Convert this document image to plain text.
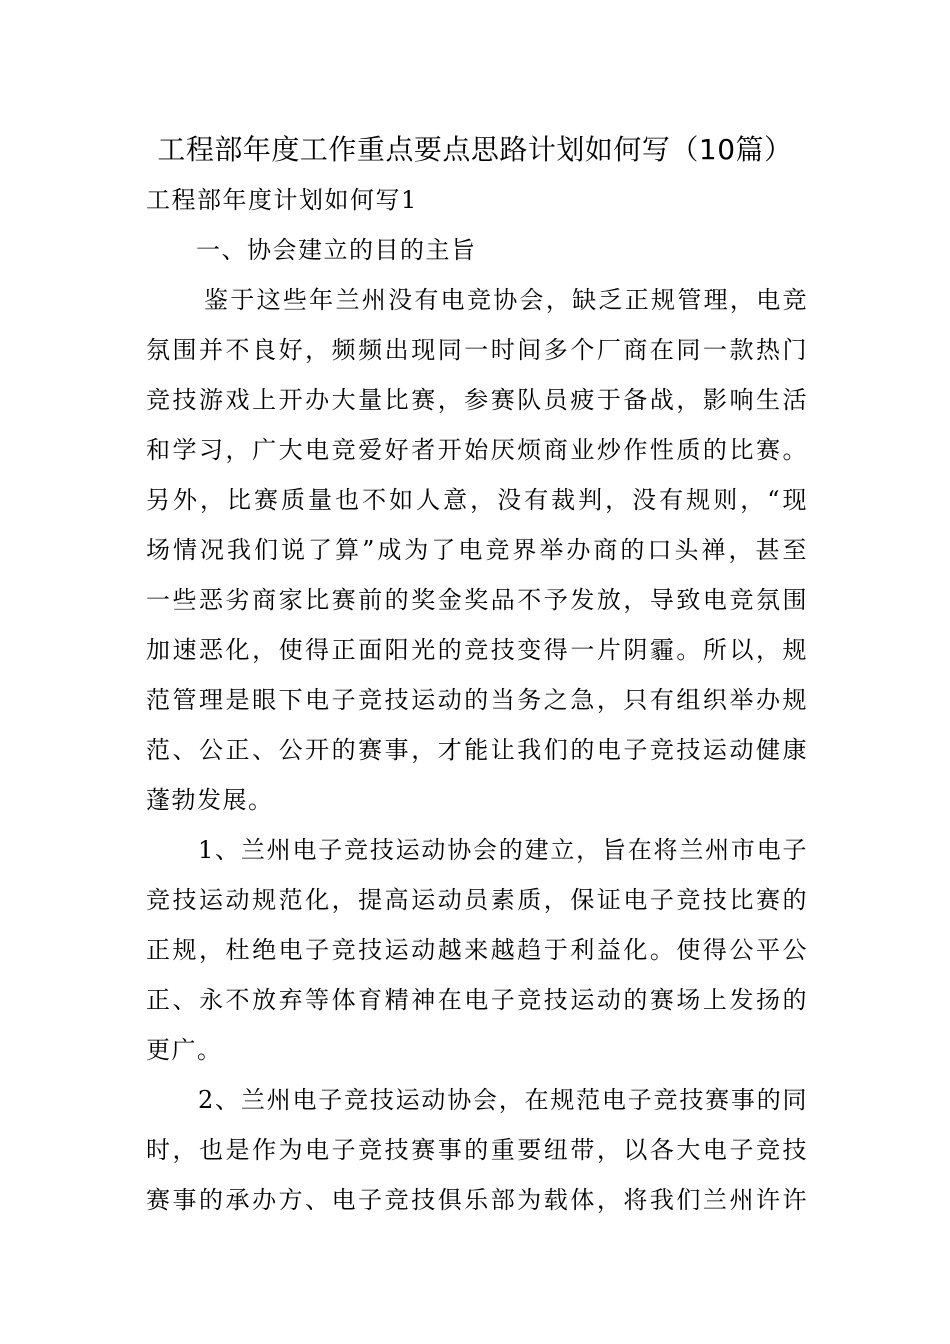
工程部年度工作重点要点思路计划如何写（10篇）
工程部年度计划如何写1
一、协会建立的目的主旨
鉴于这些年兰州没有电竞协会，缺乏正规管理，电竞
氛围并不良好，频频出现同一时间多个厂商在同一款热门
竞技游戏上开办大量比赛，参赛队员疲于备战，影响生活
和学习，广大电竞爱好者开始厌烦商业炒作性质的比赛。
另外，比赛质量也不如人意，没有裁判，没有规则，“现
场情况我们说了算”成为了电竞界举办商的口头禅，甚至
一些恶劣商家比赛前的奖金奖品不予发放，导致电竞氛围
加速恶化，使得正面阳光的竞技变得一片阴霾。所以，规
范管理是眼下电子竞技运动的当务之急，只有组织举办规
范、公正、公开的赛事，才能让我们的电子竞技运动健康
蓬勃发展。
1、兰州电子竞技运动协会的建立，旨在将兰州市电子
竞技运动规范化，提高运动员素质，保证电子竞技比赛的
正规，杜绝电子竞技运动越来越趋于利益化。使得公平公
正、永不放弃等体育精神在电子竞技运动的赛场上发扬的
更广。
2、兰州电子竞技运动协会，在规范电子竞技赛事的同
时，也是作为电子竞技赛事的重要纽带，以各大电子竞技
赛事的承办方、电子竞技俱乐部为载体，将我们兰州许许
